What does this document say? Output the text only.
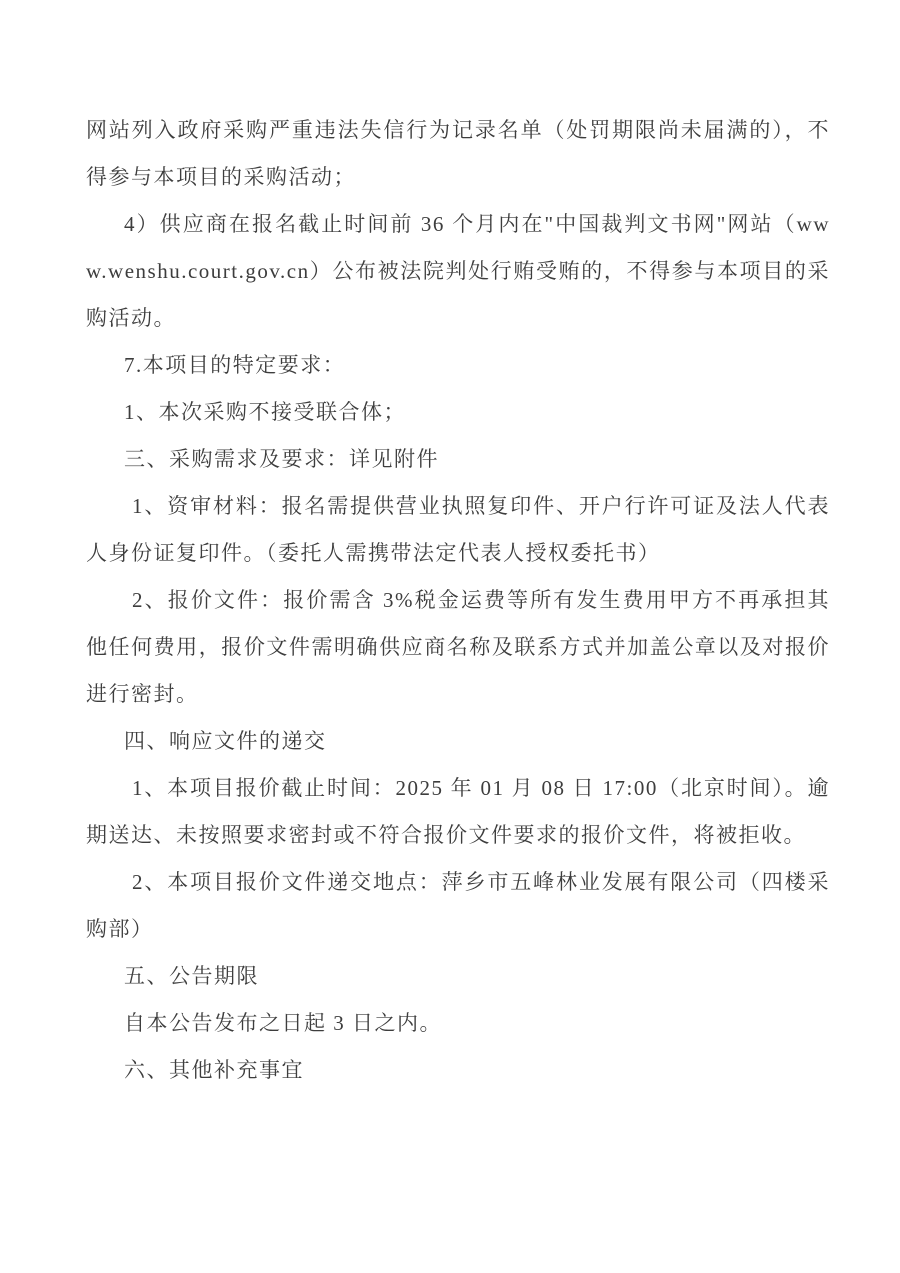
网站列入政府采购严重违法失信行为记录名单（处罚期限尚未届满的），不得参与本项目的采购活动；

4）供应商在报名截止时间前 36 个月内在"中国裁判文书网"网站（www.wenshu.court.gov.cn）公布被法院判处行贿受贿的，不得参与本项目的采购活动。

7.本项目的特定要求：

1、本次采购不接受联合体；

三、采购需求及要求：详见附件

1、资审材料：报名需提供营业执照复印件、开户行许可证及法人代表人身份证复印件。（委托人需携带法定代表人授权委托书）

2、报价文件：报价需含 3%税金运费等所有发生费用甲方不再承担其他任何费用，报价文件需明确供应商名称及联系方式并加盖公章以及对报价进行密封。

四、响应文件的递交

1、本项目报价截止时间：2025 年 01 月 08 日 17:00（北京时间）。逾期送达、未按照要求密封或不符合报价文件要求的报价文件，将被拒收。

2、本项目报价文件递交地点：萍乡市五峰林业发展有限公司（四楼采购部）

五、公告期限

自本公告发布之日起 3 日之内。

六、其他补充事宜
